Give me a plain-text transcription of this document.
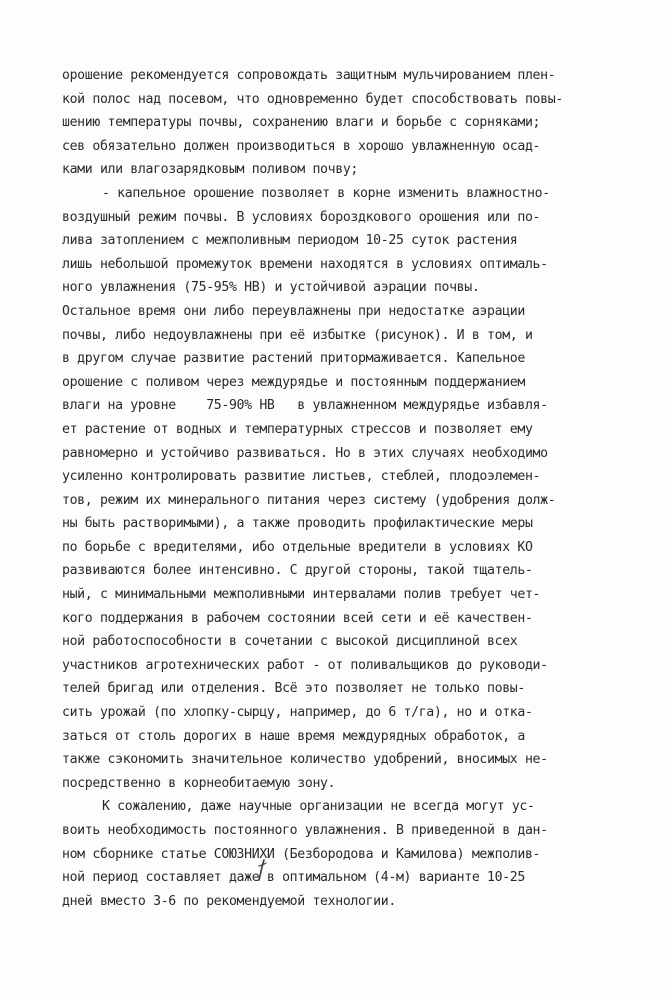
орошение рекомендуется сопровождать защитным мульчированием плен-
кой полос над посевом, что одновременно будет способствовать повы-
шению температуры почвы, сохранению влаги и борьбе с сорняками;
сев обязательно должен производиться в хорошо увлажненную осад-
ками или влагозарядковым поливом почву;
- капельное орошение позволяет в корне изменить влажностно-
воздушный режим почвы. В условиях бороздкового орошения или по-
лива затоплением с межполивным периодом 10-25 суток растения
лишь небольшой промежуток времени находятся в условиях оптималь-
ного увлажнения (75-95% НВ) и устойчивой аэрации почвы.
Остальное время они либо переувлажнены при недостатке аэрации
почвы, либо недоувлажнены при её избытке (рисунок). И в том, и
в другом случае развитие растений притормаживается. Капельное
орошение с поливом через междурядье и постоянным поддержанием
влаги на уровне    75-90% НВ   в увлажненном междурядье избавля-
ет растение от водных и температурных стрессов и позволяет ему
равномерно и устойчиво развиваться. Но в этих случаях необходимо
усиленно контролировать развитие листьев, стеблей, плодоэлемен-
тов, режим их минерального питания через систему (удобрения долж-
ны быть растворимыми), а также проводить профилактические меры
по борьбе с вредителями, ибо отдельные вредители в условиях КО
развиваются более интенсивно. С другой стороны, такой тщатель-
ный, с минимальными межполивными интервалами полив требует чет-
кого поддержания в рабочем состоянии всей сети и её качествен-
ной работоспособности в сочетании с высокой дисциплиной всех
участников агротехнических работ - от поливальщиков до руководи-
телей бригад или отделения. Всё это позволяет не только повы-
сить урожай (по хлопку-сырцу, например, до 6 т/га), но и отка-
заться от столь дорогих в наше время междурядных обработок, а
также сэкономить значительное количество удобрений, вносимых не-
посредственно в корнеобитаемую зону.
К сожалению, даже научные организации не всегда могут ус-
воить необходимость постоянного увлажнения. В приведенной в дан-
ном сборнике статье СОЮЗНИХИ (Безбородова и Камилова) межполив-
ной период составляет даже в оптимальном (4-м) варианте 10-25
дней вместо 3-6 по рекомендуемой технологии.
